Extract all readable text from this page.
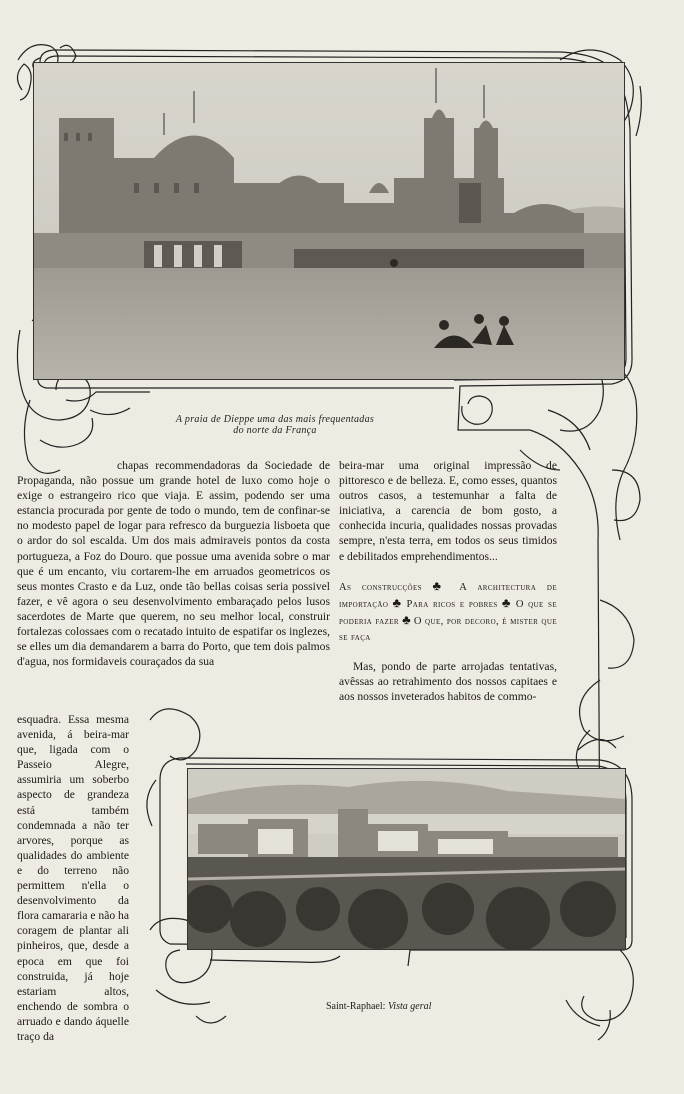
A praia de Dieppe uma das mais frequentadas
do norte da França

chapas recommendadoras da Sociedade de Propaganda, não possue um grande hotel de luxo como hoje o exige o estrangeiro rico que viaja. E assim, podendo ser uma estancia procurada por gente de todo o mundo, tem de confinar-se no modesto papel de logar para refresco da burguezia lisboeta que o ardor do sol escalda. Um dos mais admiraveis pontos da costa portugueza, a Foz do Douro. que possue uma avenida sobre o mar que é um encanto, viu cortarem-lhe em arruados geometricos os seus montes Crasto e da Luz, onde tão bellas coisas seria possivel fazer, e vê agora o seu desenvolvimento embaraçado pelos lusos sacerdotes de Marte que querem, no seu melhor local, construir fortalezas colossaes com o recatado intuito de espatifar os inglezes, se elles um dia demandarem a barra do Porto, que tem dois palmos d'agua, nos formidaveis couraçados da sua

esquadra. Essa mesma avenida, á beira-mar que, ligada com o Passeio Alegre, assumiria um soberbo aspecto de grandeza está também condemnada a não ter arvores, porque as qualidades do ambiente e do terreno não permittem n'ella o desenvolvimento da flora camararia e não ha coragem de plantar ali pinheiros, que, desde a epoca em que foi construida, já hoje estariam altos, enchendo de sombra o arruado e dando áquelle traço da

beira-mar uma original impressão de pittoresco e de belleza. E, como esses, quantos outros casos, a testemunhar a falta de iniciativa, a carencia de bom gosto, a conhecida incuria, qualidades nossas provadas sempre, n'esta terra, em todos os seus timidos e debilitados emprehendimentos...

As construcções ♣ A architectura de importação ♣ Para ricos e pobres ♣ O que se poderia fazer ♣ O que, por decoro, é mister que se faça

Mas, pondo de parte arrojadas tentativas, avêssas ao retrahimento dos nossos capitaes e aos nossos inveterados habitos de commo-

Saint-Raphael: Vista geral
